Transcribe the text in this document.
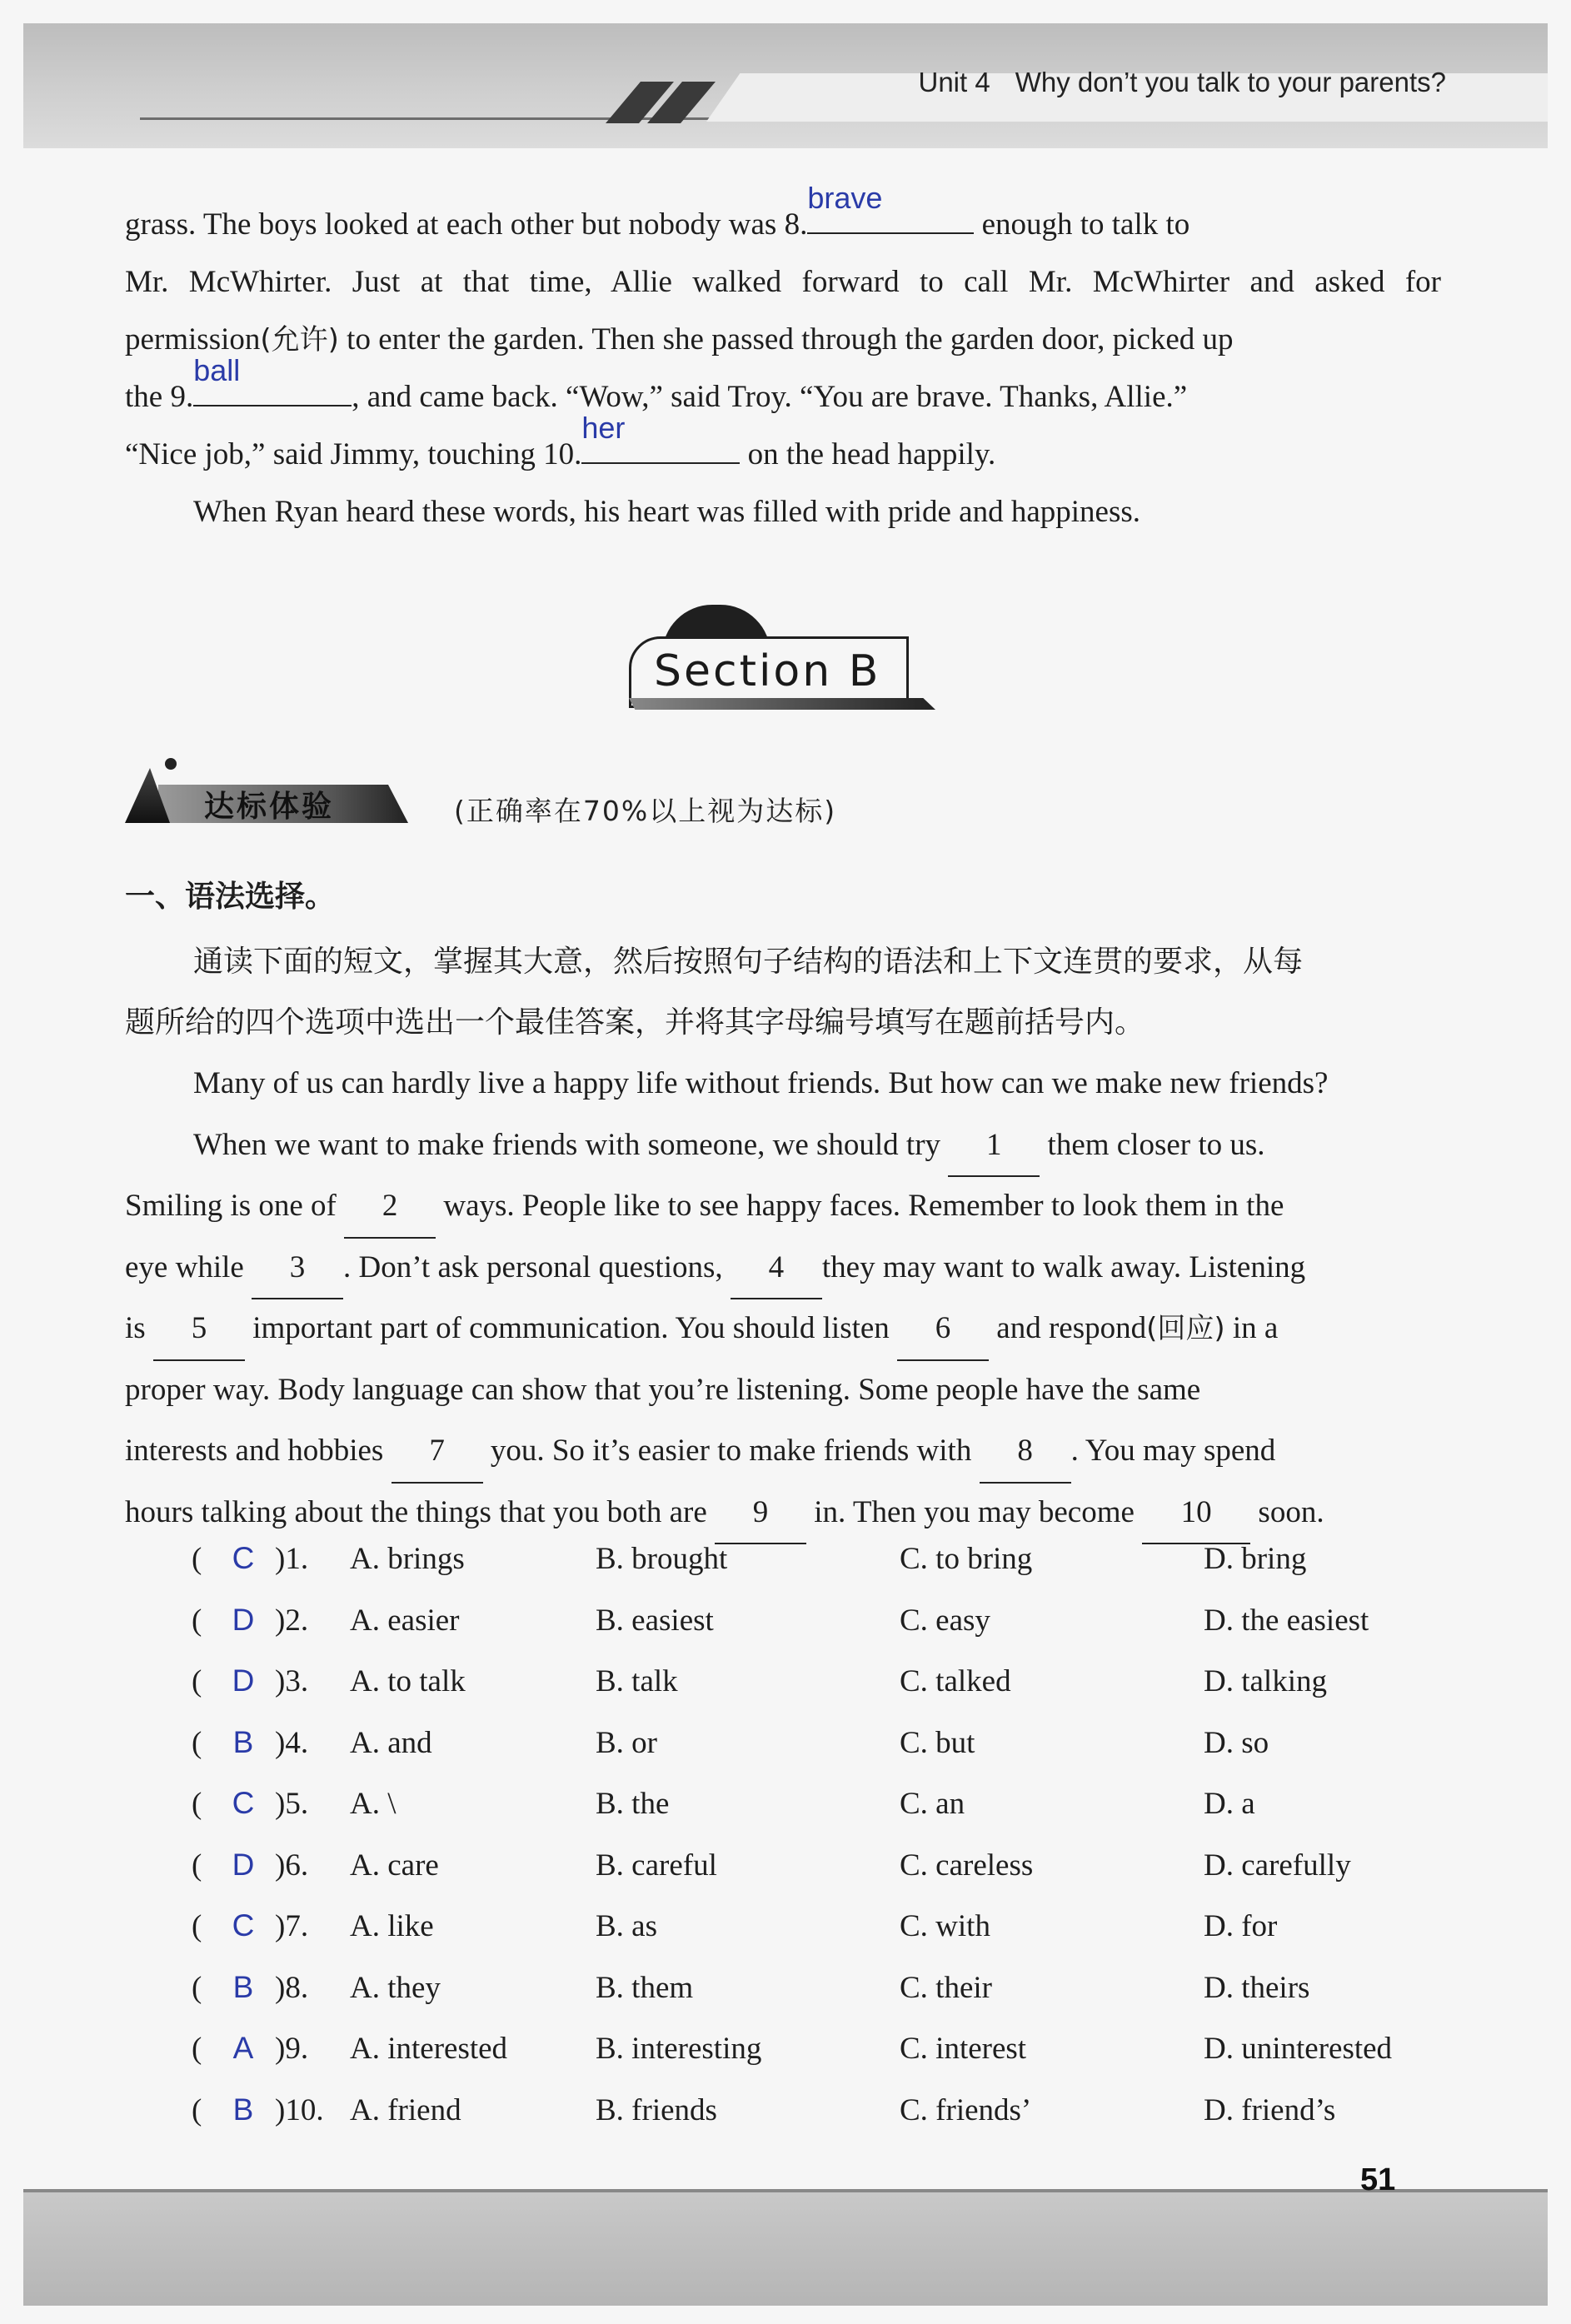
Unit 4 Why don’t you talk to your parents?
grass. The boys looked at each other but nobody was 8.
brave
enough to talk to
Mr. McWhirter. Just at that time, Allie walked forward to call Mr. McWhirter and asked for
permission (允许) to enter the garden. Then she passed through the garden door, picked up
the 9.
ball
, and came back. “Wow,” said Troy. “You are brave. Thanks, Allie.”
“Nice job,” said Jimmy, touching 10.
her
on the head happily.
When Ryan heard these words, his heart was filled with pride and happiness.
Section B
达标体验	(正确率在70%以上视为达标)
一、语法选择。

通读下面的短文，掌握其大意，然后按照句子结构的语法和上下文连贯的要求，从每

题所给的四个选项中选出一个最佳答案，并将其字母编号填写在题前括号内。

Many of us can hardly live a happy life without friends. But how can we make new friends?
When we want to make friends with someone, we should try 1 them closer to us.
Smiling is one of 2 ways. People like to see happy faces. Remember to look them in the
eye while 3 . Don’t ask personal questions, 4 they may want to walk away. Listening
is 5 important part of communication. You should listen 6 and respond(回应) in a
proper way. Body language can show that you’re listening. Some people have the same
interests and hobbies 7 you. So it’s easier to make friends with 8 . You may spend
hours talking about the things that you both are 9 in. Then you may become 10 soon.
( C )1. A. brings	B. brought	C. to bring	D. bring
( D )2. A. easier	B. easiest	C. easy	D. the easiest
( D )3. A. to talk	B. talk	C. talked	D. talking
( B )4. A. and	B. or	C. but	D. so
( C )5. A. \	B. the	C. an	D. a
( D )6. A. care	B. careful	C. careless	D. carefully
( C )7. A. like	B. as	C. with	D. for
( B )8. A. they	B. them	C. their	D. theirs
( A )9. A. interested	B. interesting	C. interest	D. uninterested
( B )10. A. friend	B. friends	C. friends’	D. friend’s
51
